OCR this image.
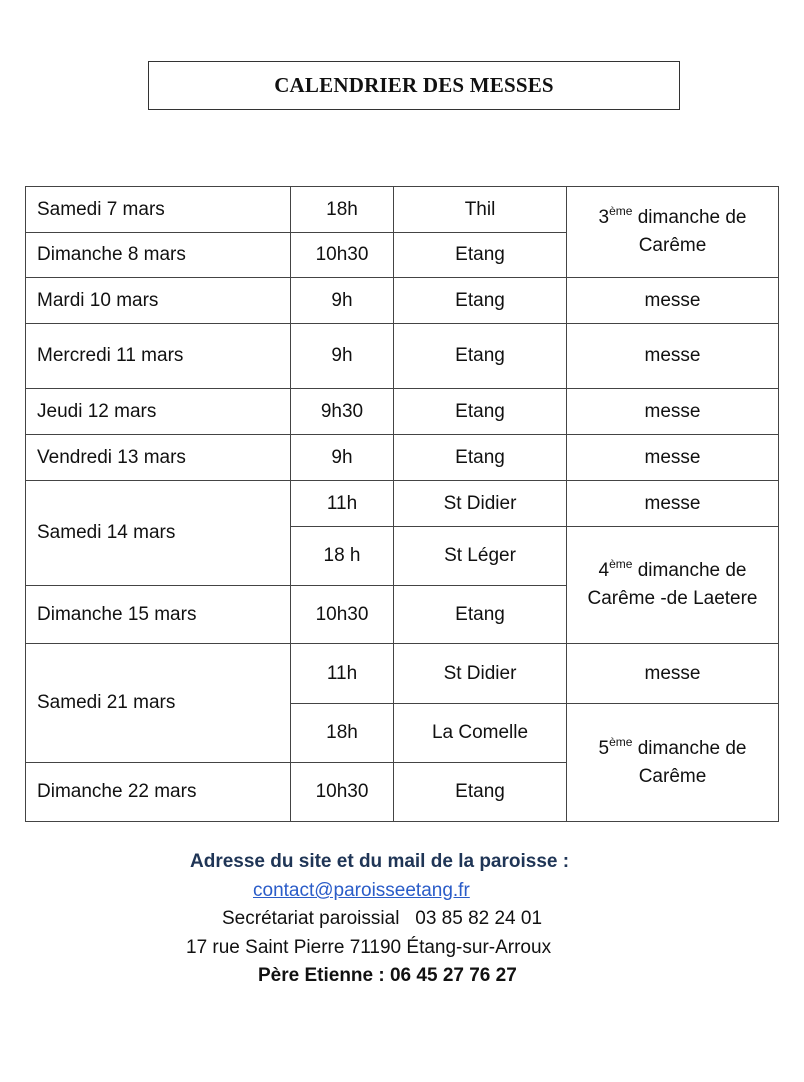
CALENDRIER DES MESSES
Samedi 7 mars	18h	Thil	3ème dimanche de
Carême
Dimanche 8 mars	10h30	Etang	
Mardi 10 mars	9h	Etang	messe
Mercredi 11 mars	9h	Etang	messe
Jeudi 12 mars	9h30	Etang	messe
Vendredi 13 mars	9h	Etang	messe
Samedi 14 mars	11h	St Didier	messe
	18 h	St Léger	4ème dimanche de
Carême -de Laetere
Dimanche 15 mars	10h30	Etang	
Samedi 21 mars	11h	St Didier	messe
	18h	La Comelle	5ème dimanche de
Carême
Dimanche 22 mars	10h30	Etang	
Adresse du site et du mail de la paroisse :
contact@paroisseetang.fr
Secrétariat paroissial   03 85 82 24 01
17 rue Saint Pierre 71190 Étang-sur-Arroux
Père Etienne : 06 45 27 76 27
